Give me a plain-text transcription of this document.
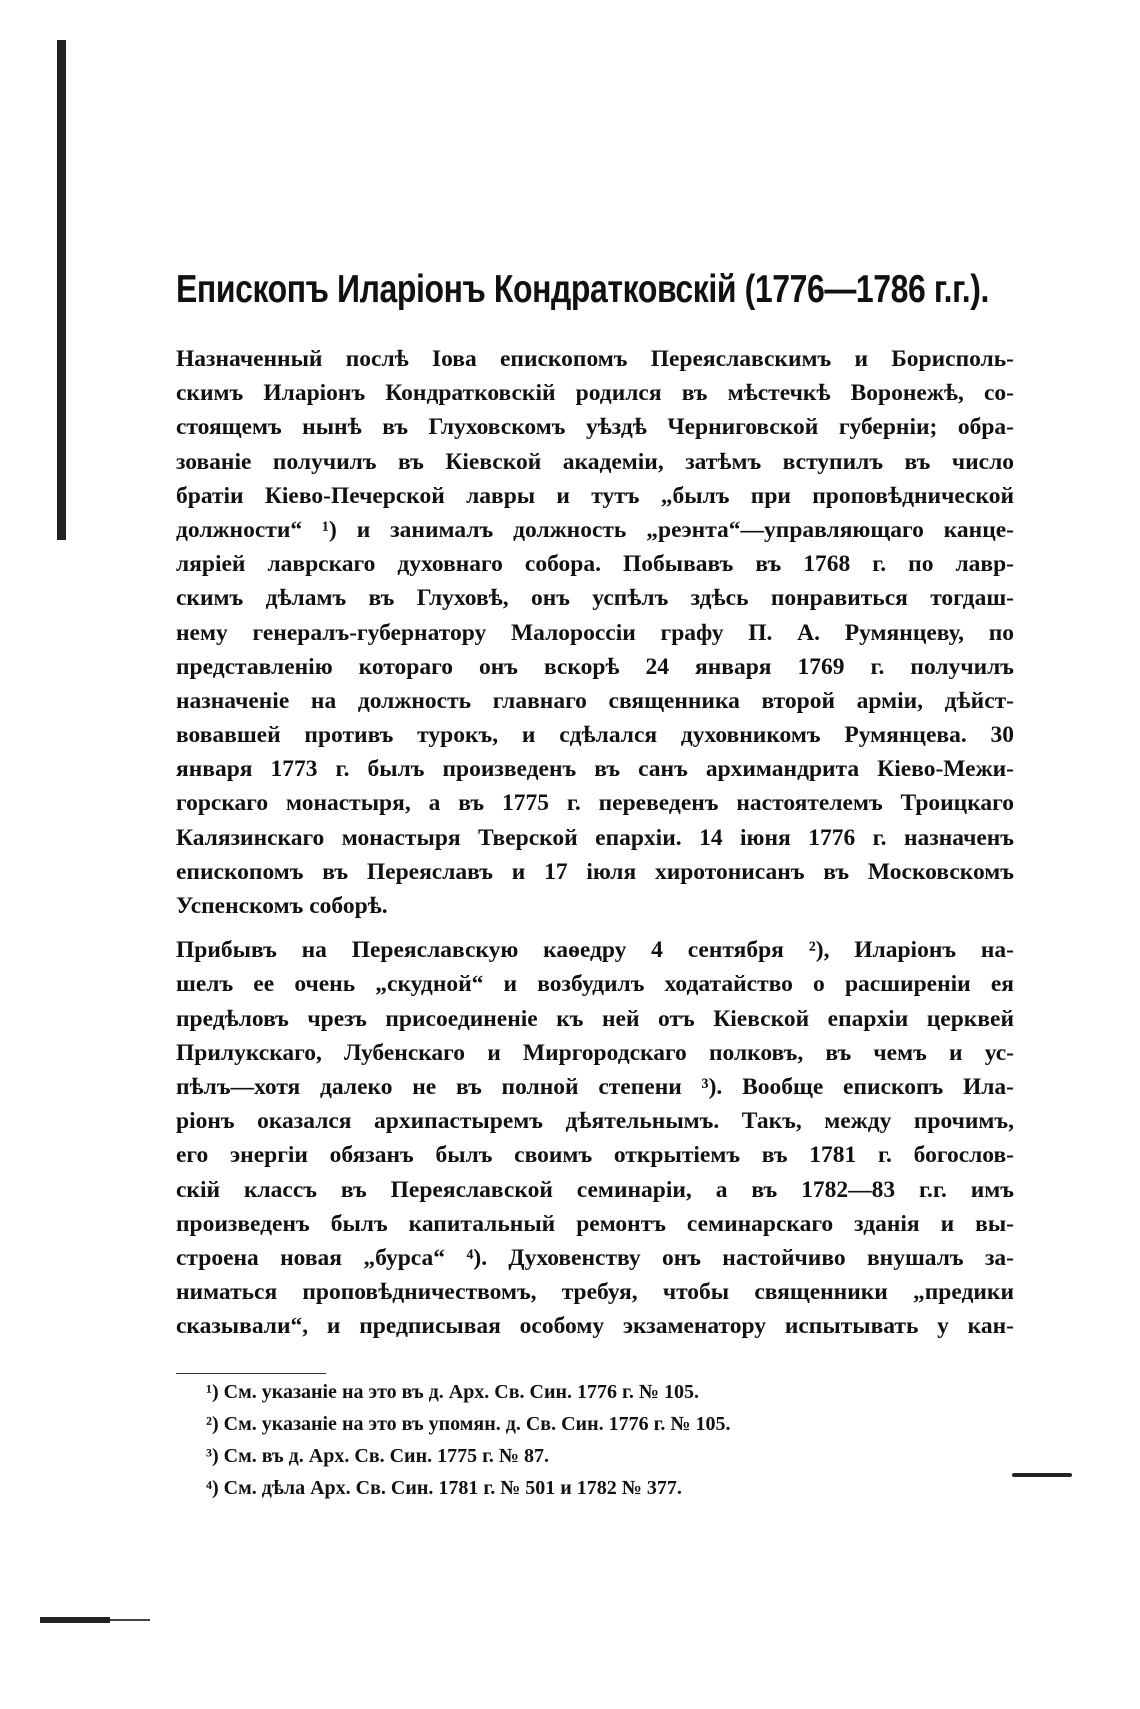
Епископъ Иларіонъ Кондратковскій (1776—1786 г.г.).
Назначенный послѣ Іова епископомъ Переяславскимъ и Борисполь-
скимъ Иларіонъ Кондратковскій родился въ мѣстечкѣ Воронежѣ, со-
стоящемъ нынѣ въ Глуховскомъ уѣздѣ Черниговской губерніи; обра-
зованіе получилъ въ Кіевской академіи, затѣмъ вступилъ въ число
братіи Кіево-Печерской лавры и тутъ „былъ при проповѣднической
должности“ ¹) и занималъ должность „реэнта“—управляющаго канце-
ляріей лаврскаго духовнаго собора. Побывавъ въ 1768 г. по лавр-
скимъ дѣламъ въ Глуховѣ, онъ успѣлъ здѣсь понравиться тогдаш-
нему генералъ-губернатору Малороссіи графу П. А. Румянцеву, по
представленію котораго онъ вскорѣ 24 января 1769 г. получилъ
назначеніе на должность главнаго священника второй арміи, дѣйст-
вовавшей противъ турокъ, и сдѣлался духовникомъ Румянцева. 30
января 1773 г. былъ произведенъ въ санъ архимандрита Кіево-Межи-
горскаго монастыря, а въ 1775 г. переведенъ настоятелемъ Троицкаго
Калязинскаго монастыря Тверской епархіи. 14 іюня 1776 г. назначенъ
епископомъ въ Переяславъ и 17 іюля хиротонисанъ въ Московскомъ
Успенскомъ соборѣ.
Прибывъ на Переяславскую каѳедру 4 сентября ²), Иларіонъ на-
шелъ ее очень „скудной“ и возбудилъ ходатайство о расширеніи ея
предѣловъ чрезъ присоединеніе къ ней отъ Кіевской епархіи церквей
Прилукскаго, Лубенскаго и Миргородскаго полковъ, въ чемъ и ус-
пѣлъ—хотя далеко не въ полной степени ³). Вообще епископъ Ила-
ріонъ оказался архипастыремъ дѣятельнымъ. Такъ, между прочимъ,
его энергіи обязанъ былъ своимъ открытіемъ въ 1781 г. богослов-
скій классъ въ Переяславской семинаріи, а въ 1782—83 г.г. имъ
произведенъ былъ капитальный ремонтъ семинарскаго зданія и вы-
строена новая „бурса“ ⁴). Духовенству онъ настойчиво внушалъ за-
ниматься проповѣдничествомъ, требуя, чтобы священники „предики
сказывали“, и предписывая особому экзаменатору испытывать у кан-
¹) См. указаніе на это въ д. Арх. Св. Син. 1776 г. № 105.
²) См. указаніе на это въ упомян. д. Св. Син. 1776 г. № 105.
³) См. въ д. Арх. Св. Син. 1775 г. № 87.
⁴) См. дѣла Арх. Св. Син. 1781 г. № 501 и 1782 № 377.
